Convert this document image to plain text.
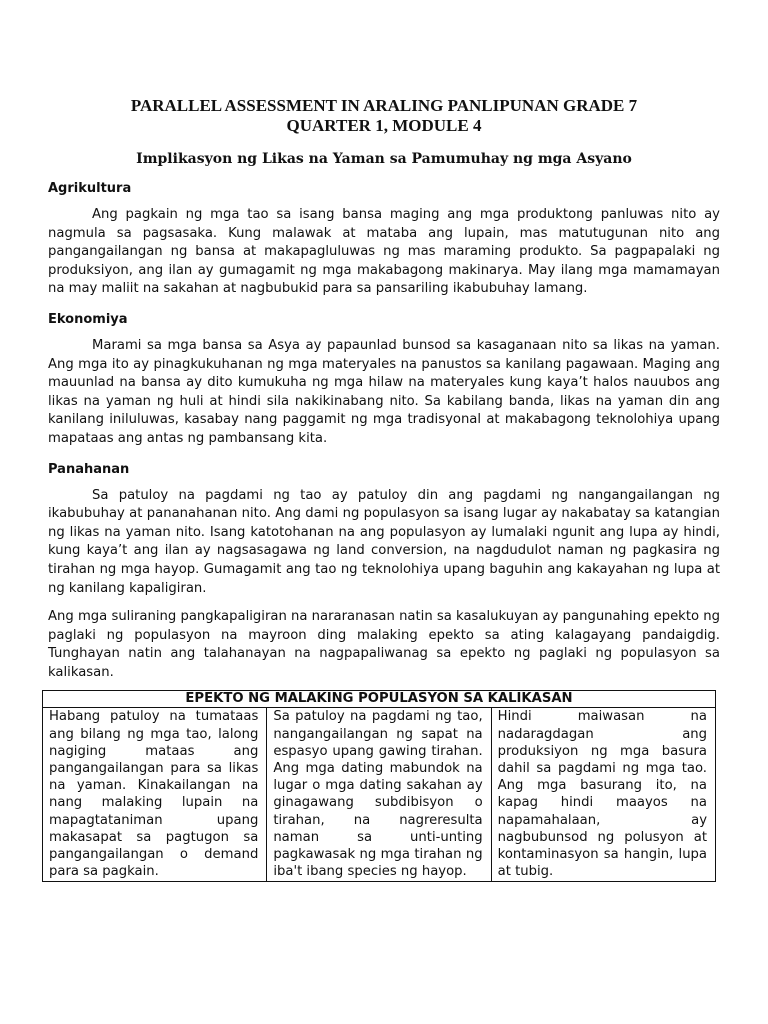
PARALLEL ASSESSMENT IN ARALING PANLIPUNAN GRADE 7

QUARTER 1, MODULE 4

Implikasyon ng Likas na Yaman sa Pamumuhay ng mga Asyano

Agrikultura

Ang pagkain ng mga tao sa isang bansa maging ang mga produktong panluwas nito ay nagmula sa pagsasaka. Kung malawak at mataba ang lupain, mas matutugunan nito ang pangangailangan ng bansa at makapagluluwas ng mas maraming produkto. Sa pagpapalaki ng produksiyon, ang ilan ay gumagamit ng mga makabagong makinarya. May ilang mga mamamayan na may maliit na sakahan at nagbubukid para sa pansariling ikabubuhay lamang.

Ekonomiya

Marami sa mga bansa sa Asya ay papaunlad bunsod sa kasaganaan nito sa likas na yaman. Ang mga ito ay pinagkukuhanan ng mga materyales na panustos sa kanilang pagawaan. Maging ang mauunlad na bansa ay dito kumukuha ng mga hilaw na materyales kung kaya’t halos nauubos ang likas na yaman ng huli at hindi sila nakikinabang nito. Sa kabilang banda, likas na yaman din ang kanilang iniluluwas, kasabay nang paggamit ng mga tradisyonal at makabagong teknolohiya upang mapataas ang antas ng pambansang kita.

Panahanan

Sa patuloy na pagdami ng tao ay patuloy din ang pagdami ng nangangailangan ng ikabubuhay at pananahanan nito. Ang dami ng populasyon sa isang lugar ay nakabatay sa katangian ng likas na yaman nito. Isang katotohanan na ang populasyon ay lumalaki ngunit ang lupa ay hindi, kung kaya’t ang ilan ay nagsasagawa ng land conversion, na nagdudulot naman ng pagkasira ng tirahan ng mga hayop. Gumagamit ang tao ng teknolohiya upang baguhin ang kakayahan ng lupa at ng kanilang kapaligiran.

Ang mga suliraning pangkapaligiran na nararanasan natin sa kasalukuyan ay pangunahing epekto ng paglaki ng populasyon na mayroon ding malaking epekto sa ating kalagayang pandaigdig. Tunghayan natin ang talahanayan na nagpapaliwanag sa epekto ng paglaki ng populasyon sa kalikasan.

EPEKTO NG MALAKING POPULASYON SA KALIKASAN
Habang patuloy na tumataas ang bilang ng mga tao, lalong nagiging mataas ang pangangailangan para sa likas na yaman. Kinakailangan na nang malaking lupain na mapagtataniman upang makasapat sa pagtugon sa pangangailangan o demand para sa pagkain.	Sa patuloy na pagdami ng tao, nangangailangan ng sapat na espasyo upang gawing tirahan. Ang mga dating mabundok na lugar o mga dating sakahan ay ginagawang subdibisyon o tirahan, na nagreresulta naman sa unti-unting pagkawasak ng mga tirahan ng iba't ibang species ng hayop.	Hindi maiwasan na nadaragdagan ang produksiyon ng mga basura dahil sa pagdami ng mga tao. Ang mga basurang ito, na kapag hindi maayos na napamahalaan, ay nagbubunsod ng polusyon at kontaminasyon sa hangin, lupa at tubig.
